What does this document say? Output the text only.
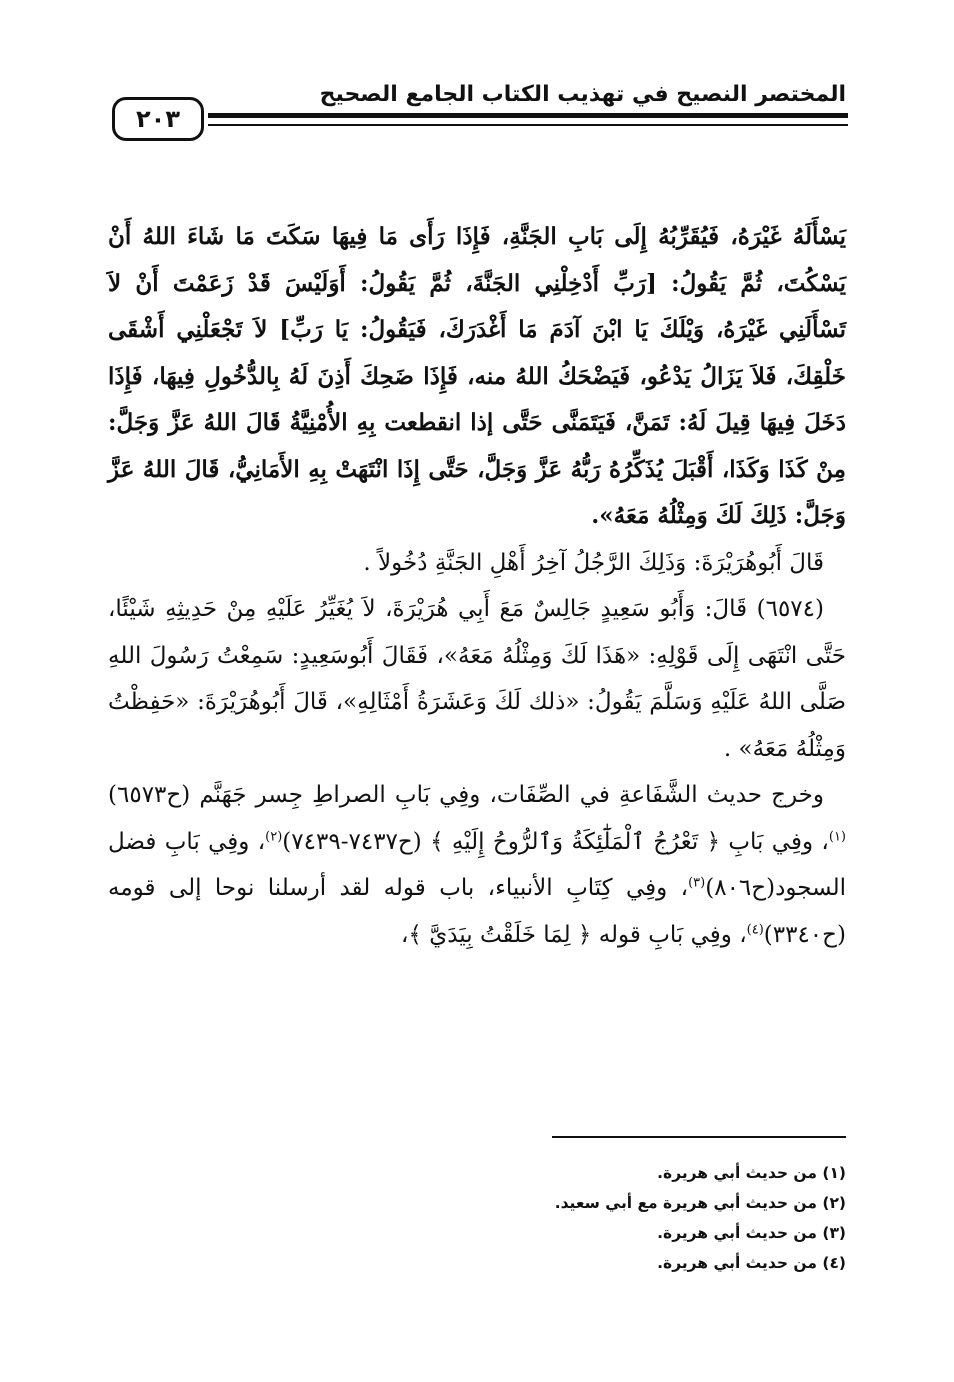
المختصر النصيح في تهذيب الكتاب الجامع الصحيح
٢٠٣

يَسْأَلَهُ غَيْرَهُ، فَيُقَرِّبُهُ إِلَى بَابِ الجَنَّةِ، فَإِذَا رَأَى مَا فِيهَا سَكَتَ مَا شَاءَ اللهُ أَنْ يَسْكُتَ، ثُمَّ يَقُولُ: [رَبِّ أَدْخِلْنِي الجَنَّةَ، ثُمَّ يَقُولُ: أَوَلَيْسَ قَدْ زَعَمْتَ أَنْ لاَ تَسْأَلَنِي غَيْرَهُ، وَيْلَكَ يَا ابْنَ آدَمَ مَا أَغْدَرَكَ، فَيَقُولُ: يَا رَبِّ] لاَ تَجْعَلْنِي أَشْقَى خَلْقِكَ، فَلاَ يَزَالُ يَدْعُو، فَيَضْحَكُ اللهُ منه، فَإِذَا ضَحِكَ أَذِنَ لَهُ بِالدُّخُولِ فِيهَا، فَإِذَا دَخَلَ فِيهَا قِيلَ لَهُ: تَمَنَّ، فَيَتَمَنَّى حَتَّى إذا انقطعت بِهِ الأُمْنِيَّةُ قَالَ اللهُ عَزَّ وَجَلَّ: مِنْ كَذَا وَكَذَا، أَقْبَلَ يُذَكِّرُهُ رَبُّهُ عَزَّ وَجَلَّ، حَتَّى إِذَا انْتَهَتْ بِهِ الأَمَانِيُّ، قَالَ اللهُ عَزَّ وَجَلَّ: ذَلِكَ لَكَ وَمِثْلُهُ مَعَهُ».

قَالَ أَبُوهُرَيْرَةَ: وَذَلِكَ الرَّجُلُ آخِرُ أَهْلِ الجَنَّةِ دُخُولاً .

(٦٥٧٤) قَالَ: وَأَبُو سَعِيدٍ جَالِسٌ مَعَ أَبِي هُرَيْرَةَ، لاَ يُغَيِّرُ عَلَيْهِ مِنْ حَدِيثِهِ شَيْئًا، حَتَّى انْتَهَى إِلَى قَوْلِهِ: «هَذَا لَكَ وَمِثْلُهُ مَعَهُ»، فَقَالَ أَبُوسَعِيدٍ: سَمِعْتُ رَسُولَ اللهِ صَلَّى اللهُ عَلَيْهِ وَسَلَّمَ يَقُولُ: «ذلك لَكَ وَعَشَرَةُ أَمْثَالِهِ»، قَالَ أَبُوهُرَيْرَةَ: «حَفِظْتُ وَمِثْلُهُ مَعَهُ» .

وخرج حديث الشَّفَاعةِ في الصِّفَات، وفِي بَابِ الصراطِ جِسر جَهَنَّم (ح٦٥٧٣)$^{(١)}$، وفِي بَابِ ﴿ تَعْرُجُ ٱلْمَلَٰٓئِكَةُ وَٱلرُّوحُ إِلَيْهِ ﴾ (ح٧٤٣٧-٧٤٣٩)$^{(٢)}$، وفِي بَابِ فضل السجود(ح٨٠٦)$^{(٣)}$، وفِي كِتَابِ الأنبياء، باب قوله لقد أرسلنا نوحا إلى قومه (ح٣٣٤٠)$^{(٤)}$، وفِي بَابِ قوله ﴿ لِمَا خَلَقْتُ بِيَدَيَّ ﴾،

(١) من حديث أبي هريرة.
(٢) من حديث أبي هريرة مع أبي سعيد.
(٣) من حديث أبي هريرة.
(٤) من حديث أبي هريرة.
